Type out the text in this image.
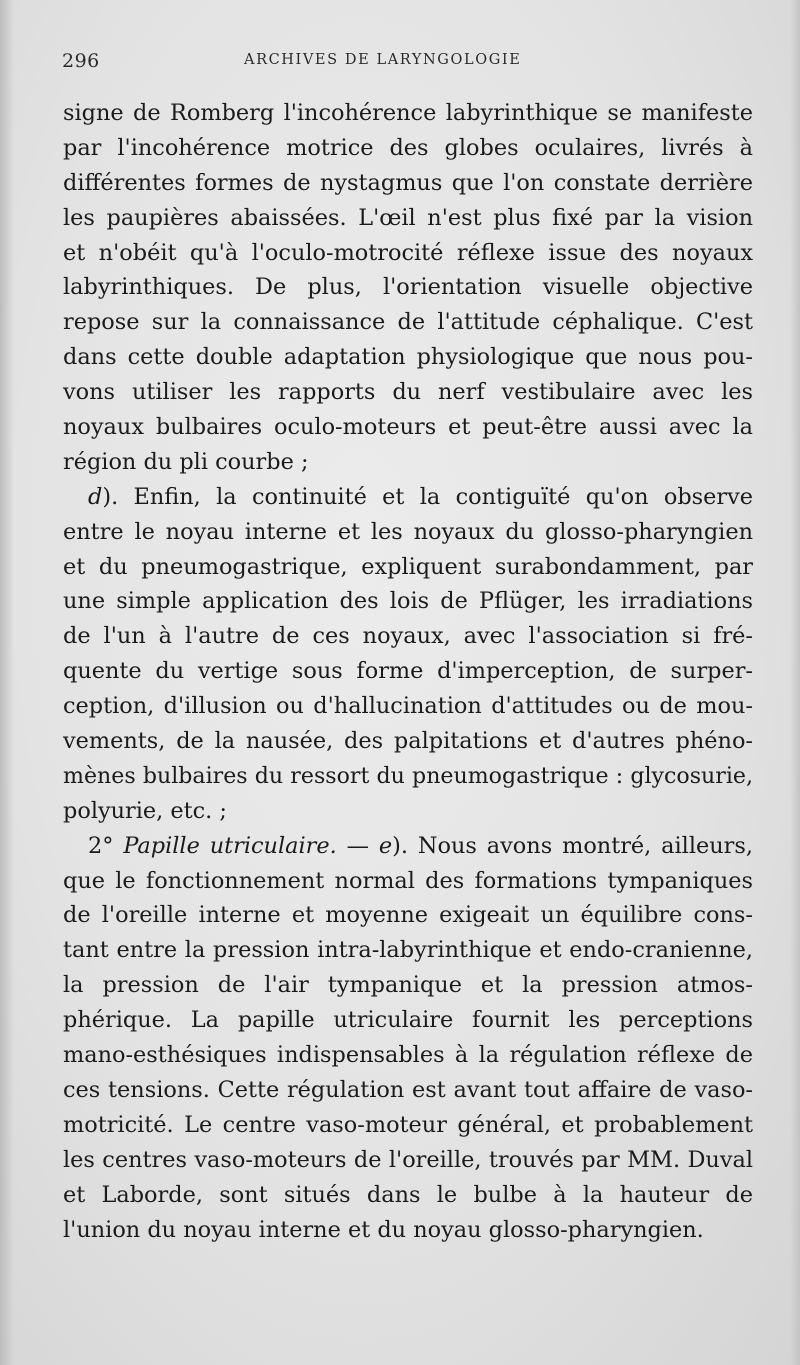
296	ARCHIVES DE LARYNGOLOGIE
signe de Romberg l'incohérence labyrinthique se manifeste
par l'incohérence motrice des globes oculaires, livrés à
différentes formes de nystagmus que l'on constate derrière
les paupières abaissées. L'œil n'est plus fixé par la vision
et n'obéit qu'à l'oculo-motrocité réflexe issue des noyaux
labyrinthiques. De plus, l'orientation visuelle objective
repose sur la connaissance de l'attitude céphalique. C'est
dans cette double adaptation physiologique que nous pou-
vons utiliser les rapports du nerf vestibulaire avec les
noyaux bulbaires oculo-moteurs et peut-être aussi avec la
région du pli courbe ;
d). Enfin, la continuité et la contiguïté qu'on observe
entre le noyau interne et les noyaux du glosso-pharyngien
et du pneumogastrique, expliquent surabondamment, par
une simple application des lois de Pflüger, les irradiations
de l'un à l'autre de ces noyaux, avec l'association si fré-
quente du vertige sous forme d'imperception, de surper-
ception, d'illusion ou d'hallucination d'attitudes ou de mou-
vements, de la nausée, des palpitations et d'autres phéno-
mènes bulbaires du ressort du pneumogastrique : glycosurie,
polyurie, etc. ;
2° Papille utriculaire. — e). Nous avons montré, ailleurs,
que le fonctionnement normal des formations tympaniques
de l'oreille interne et moyenne exigeait un équilibre cons-
tant entre la pression intra-labyrinthique et endo-cranienne,
la pression de l'air tympanique et la pression atmos-
phérique. La papille utriculaire fournit les perceptions
mano-esthésiques indispensables à la régulation réflexe de
ces tensions. Cette régulation est avant tout affaire de vaso-
motricité. Le centre vaso-moteur général, et probablement
les centres vaso-moteurs de l'oreille, trouvés par MM. Duval
et Laborde, sont situés dans le bulbe à la hauteur de
l'union du noyau interne et du noyau glosso-pharyngien.
